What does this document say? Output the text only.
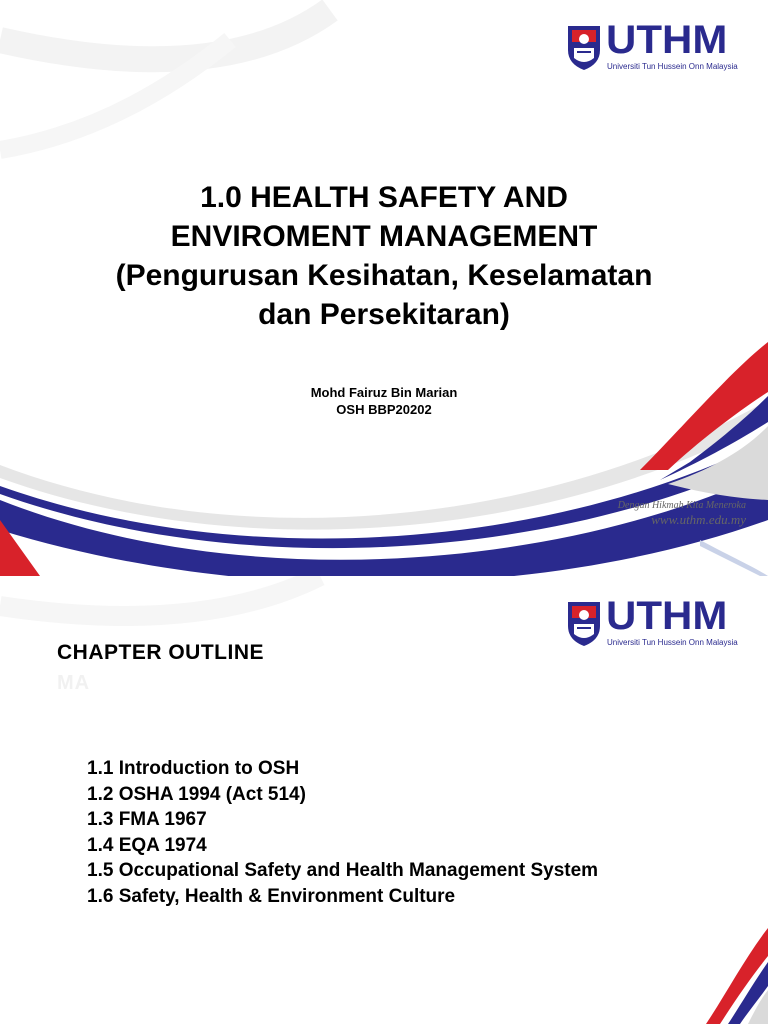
UTHM
Universiti Tun Hussein Onn Malaysia
1.0 HEALTH SAFETY AND
ENVIROMENT MANAGEMENT
(Pengurusan Kesihatan, Keselamatan
dan Persekitaran)
Mohd Fairuz Bin Marian
OSH BBP20202
Dengan Hikmah Kita Meneroka
www.uthm.edu.my
UTHM
Universiti Tun Hussein Onn Malaysia
CHAPTER OUTLINE
MA
1.1 Introduction to OSH
1.2 OSHA 1994 (Act 514)
1.3 FMA 1967
1.4 EQA 1974
1.5 Occupational Safety and Health Management System
1.6 Safety, Health & Environment Culture
